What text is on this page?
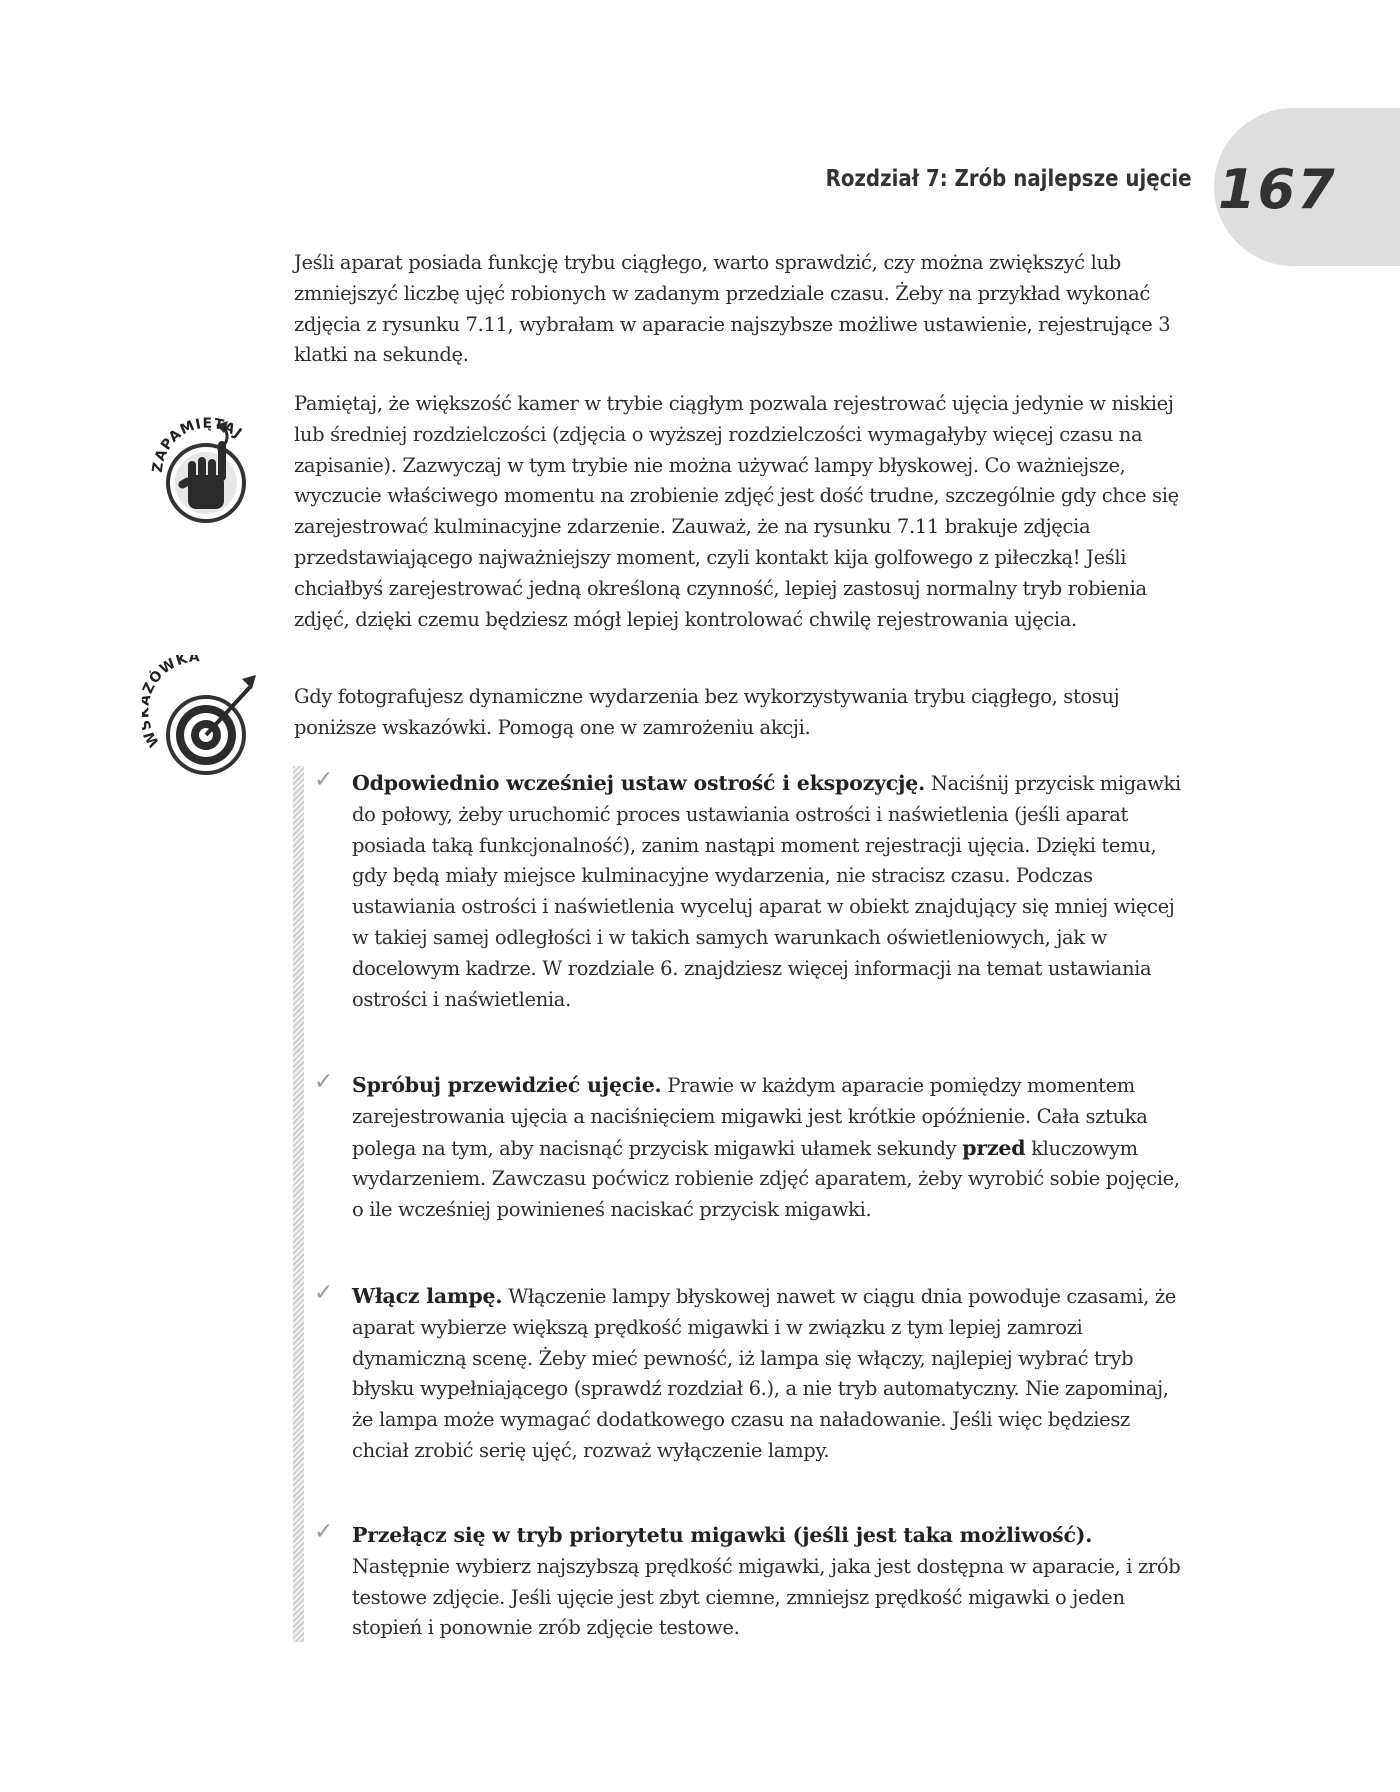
167
Rozdział 7: Zrób najlepsze ujęcie

Jeśli aparat posiada funkcję trybu ciągłego, warto sprawdzić, czy można zwiększyć lub zmniejszyć liczbę ujęć robionych w zadanym przedziale czasu. Żeby na przykład wykonać zdjęcia z rysunku 7.11, wybrałam w aparacie najszybsze możliwe ustawienie, rejestrujące 3 klatki na sekundę.

ZAPAMIĘTAJ

Pamiętaj, że większość kamer w trybie ciągłym pozwala rejestrować ujęcia jedynie w niskiej lub średniej rozdzielczości (zdjęcia o wyższej rozdzielczości wymagałyby więcej czasu na zapisanie). Zazwyczaj w tym trybie nie można używać lampy błyskowej. Co ważniejsze, wyczucie właściwego momentu na zrobienie zdjęć jest dość trudne, szczególnie gdy chce się zarejestrować kulminacyjne zdarzenie. Zauważ, że na rysunku 7.11 brakuje zdjęcia przedstawiającego najważniejszy moment, czyli kontakt kija golfowego z piłeczką! Jeśli chciałbyś zarejestrować jedną określoną czynność, lepiej zastosuj normalny tryb robienia zdjęć, dzięki czemu będziesz mógł lepiej kontrolować chwilę rejestrowania ujęcia.

W ÓWKA

Gdy fotografujesz dynamiczne wydarzenia bez wykorzystywania trybu ciągłego, stosuj poniższe wskazówki. Pomogą one w zamrożeniu akcji.

✓ Odpowiednio wcześniej ustaw ostrość i ekspozycję. Naciśnij przycisk migawki do połowy, żeby uruchomić proces ustawiania ostrości i naświetlenia (jeśli aparat posiada taką funkcjonalność), zanim nastąpi moment rejestracji ujęcia. Dzięki temu, gdy będą miały miejsce kulminacyjne wydarzenia, nie stracisz czasu. Podczas ustawiania ostrości i naświetlenia wyceluj aparat w obiekt znajdujący się mniej więcej w takiej samej odległości i w takich samych warunkach oświetleniowych, jak w docelowym kadrze. W rozdziale 6. znajdziesz więcej informacji na temat ustawiania ostrości i naświetlenia.
✓ Spróbuj przewidzieć ujęcie. Prawie w każdym aparacie pomiędzy momentem zarejestrowania ujęcia a naciśnięciem migawki jest krótkie opóźnienie. Cała sztuka polega na tym, aby nacisnąć przycisk migawki ułamek sekundy przed kluczowym wydarzeniem. Zawczasu poćwicz robienie zdjęć aparatem, żeby wyrobić sobie pojęcie, o ile wcześniej powinieneś naciskać przycisk migawki.
✓ Włącz lampę. Włączenie lampy błyskowej nawet w ciągu dnia powoduje czasami, że aparat wybierze większą prędkość migawki i w związku z tym lepiej zamrozi dynamiczną scenę. Żeby mieć pewność, iż lampa się włączy, najlepiej wybrać tryb błysku wypełniającego (sprawdź rozdział 6.), a nie tryb automatyczny. Nie zapominaj, że lampa może wymagać dodatkowego czasu na naładowanie. Jeśli więc będziesz chciał zrobić serię ujęć, rozważ wyłączenie lampy.
✓ Przełącz się w tryb priorytetu migawki (jeśli jest taka możliwość). Następnie wybierz najszybszą prędkość migawki, jaka jest dostępna w aparacie, i zrób testowe zdjęcie. Jeśli ujęcie jest zbyt ciemne, zmniejsz prędkość migawki o jeden stopień i ponownie zrób zdjęcie testowe.
